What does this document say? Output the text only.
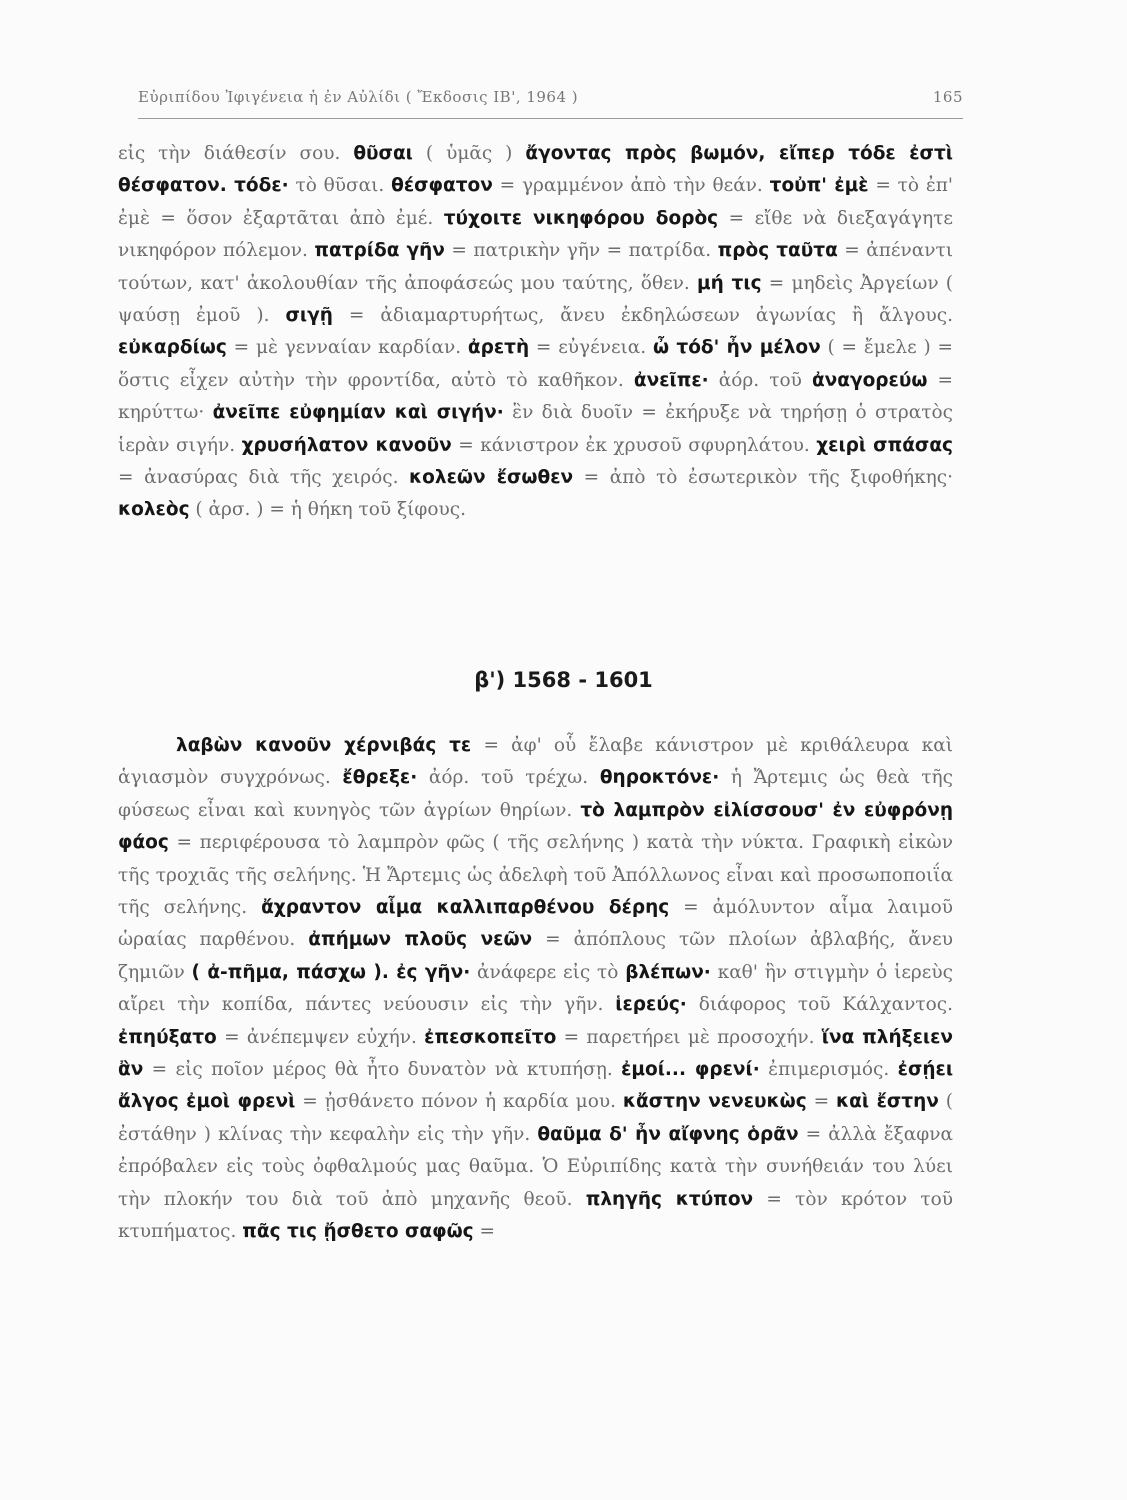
Εὐριπίδου Ἰφιγένεια ἡ ἐν Αὐλίδι ( Ἔκδοσις ΙΒ', 1964 )	165

εἰς τὴν διάθεσίν σου. θῦσαι ( ὑμᾶς ) ἄγοντας πρὸς βωμόν, εἴπερ τόδε ἐστὶ θέσφατον. τόδε· τὸ θῦσαι. θέσφατον = γραμμένον ἀπὸ τὴν θεάν. τοὐπ' ἐμὲ = τὸ ἐπ' ἐμὲ = ὅσον ἐξαρτᾶται ἀπὸ ἐμέ. τύχοιτε νικηφόρου δορὸς = εἴθε νὰ διεξαγάγητε νικηφόρον πόλεμον. πατρίδα γῆν = πατρικὴν γῆν = πατρίδα. πρὸς ταῦτα = ἀπέναντι τούτων, κατ' ἀκολουθίαν τῆς ἀποφάσεώς μου ταύτης, ὅθεν. μή τις = μηδεὶς Ἀργείων ( ψαύσῃ ἐμοῦ ). σιγῇ = ἀδιαμαρτυρήτως, ἄνευ ἐκδηλώσεων ἀγωνίας ἢ ἄλγους. εὐκαρδίως = μὲ γενναίαν καρδίαν. ἀρετὴ = εὐγένεια. ὦ τόδ' ἦν μέλον ( = ἔμελε ) = ὅστις εἶχεν αὐτὴν τὴν φροντίδα, αὐτὸ τὸ καθῆκον. ἀνεῖπε· ἀόρ. τοῦ ἀναγορεύω = κηρύττω· ἀνεῖπε εὐφημίαν καὶ σιγήν· ἓν διὰ δυοῖν = ἐκήρυξε νὰ τηρήσῃ ὁ στρατὸς ἱερὰν σιγήν. χρυσήλατον κανοῦν = κάνιστρον ἐκ χρυσοῦ σφυρηλάτου. χειρὶ σπάσας = ἀνασύρας διὰ τῆς χειρός. κολεῶν ἔσωθεν = ἀπὸ τὸ ἐσωτερικὸν τῆς ξιφοθήκης· κολεὸς ( ἀρσ. ) = ἡ θήκη τοῦ ξίφους.

β') 1568 - 1601

λαβὼν κανοῦν χέρνιβάς τε = ἀφ' οὗ ἔλαβε κάνιστρον μὲ κριθάλευρα καὶ ἁγιασμὸν συγχρόνως. ἔθρεξε· ἀόρ. τοῦ τρέχω. θηροκτόνε· ἡ Ἄρτεμις ὡς θεὰ τῆς φύσεως εἶναι καὶ κυνηγὸς τῶν ἀγρίων θηρίων. τὸ λαμπρὸν εἰλίσσουσ' ἐν εὐφρόνῃ φάος = περιφέρουσα τὸ λαμπρὸν φῶς ( τῆς σελήνης ) κατὰ τὴν νύκτα. Γραφικὴ εἰκὼν τῆς τροχιᾶς τῆς σελήνης. Ἡ Ἄρτεμις ὡς ἀδελφὴ τοῦ Ἀπόλλωνος εἶναι καὶ προσωποποιΐα τῆς σελήνης. ἄχραντον αἷμα καλλιπαρθένου δέρης = ἀμόλυντον αἷμα λαιμοῦ ὡραίας παρθένου. ἀπήμων πλοῦς νεῶν = ἀπόπλους τῶν πλοίων ἀβλαβής, ἄνευ ζημιῶν ( ἀ-πῆμα, πάσχω ). ἐς γῆν· ἀνάφερε εἰς τὸ βλέπων· καθ' ἣν στιγμὴν ὁ ἱερεὺς αἴρει τὴν κοπίδα, πάντες νεύουσιν εἰς τὴν γῆν. ἱερεύς· διάφορος τοῦ Κάλχαντος. ἐπηύξατο = ἀνέπεμψεν εὐχήν. ἐπεσκοπεῖτο = παρετήρει μὲ προσοχήν. ἵνα πλήξειεν ἂν = εἰς ποῖον μέρος θὰ ἦτο δυνατὸν νὰ κτυπήσῃ. ἐμοί... φρενί· ἐπιμερισμός. ἐσῄει ἄλγος ἐμοὶ φρενὶ = ᾐσθάνετο πόνον ἡ καρδία μου. κἄστην νενευκὼς = καὶ ἔστην ( ἐστάθην ) κλίνας τὴν κεφαλὴν εἰς τὴν γῆν. θαῦμα δ' ἦν αἴφνης ὁρᾶν = ἀλλὰ ἔξαφνα ἐπρόβαλεν εἰς τοὺς ὀφθαλμούς μας θαῦμα. Ὁ Εὐριπίδης κατὰ τὴν συνήθειάν του λύει τὴν πλοκήν του διὰ τοῦ ἀπὸ μηχανῆς θεοῦ. πληγῆς κτύπον = τὸν κρότον τοῦ κτυπήματος. πᾶς τις ᾔσθετο σαφῶς =
